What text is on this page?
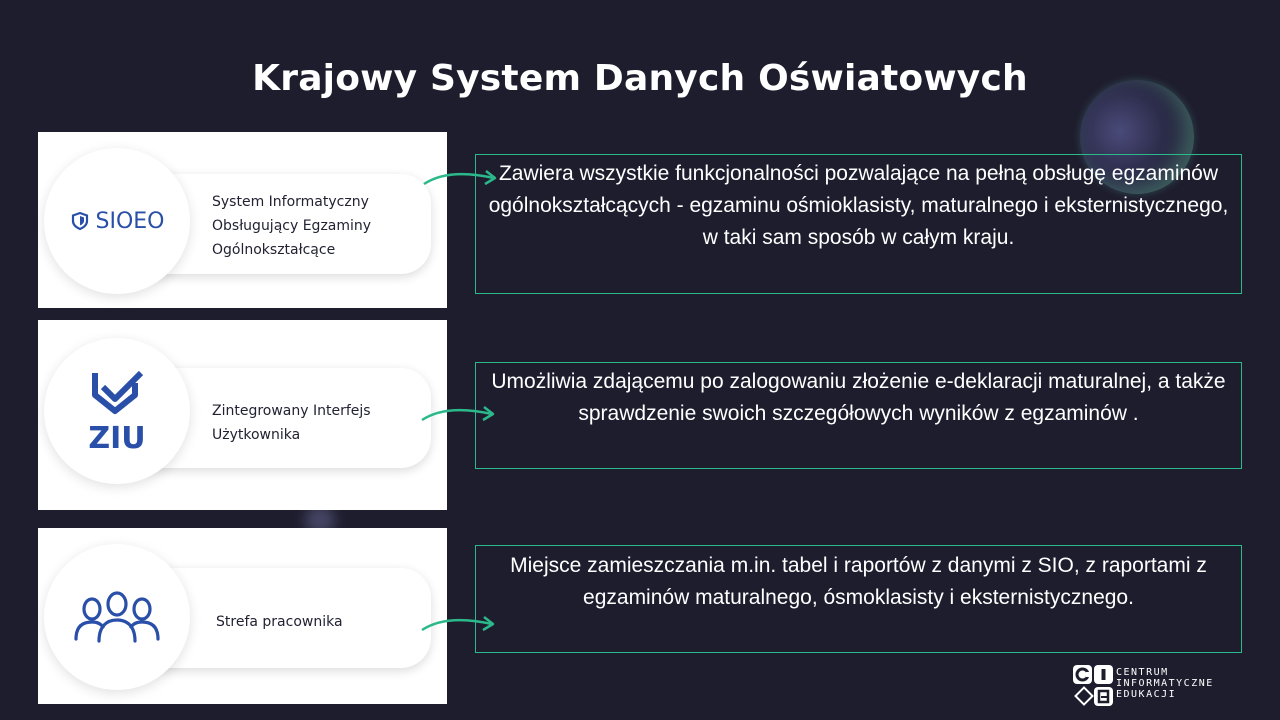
Krajowy System Danych Oświatowych
SIOEO
System Informatyczny
Obsługujący Egzaminy
Ogólnokształcące
ZIU
Zintegrowany Interfejs
Użytkownika
Strefa pracownika
Zawiera wszystkie funkcjonalności pozwalające na pełną obsługę egzaminów ogólnokształcących - egzaminu ośmioklasisty, maturalnego i eksternistycznego, w taki sam sposób w całym kraju.
Umożliwia zdającemu po zalogowaniu złożenie e-deklaracji maturalnej, a także sprawdzenie swoich szczegółowych wyników z egzaminów .
Miejsce zamieszczania m.in. tabel i raportów z danymi z SIO, z raportami z egzaminów maturalnego, ósmoklasisty i eksternistycznego.
CENTRUM
INFORMATYCZNE
EDUKACJI
